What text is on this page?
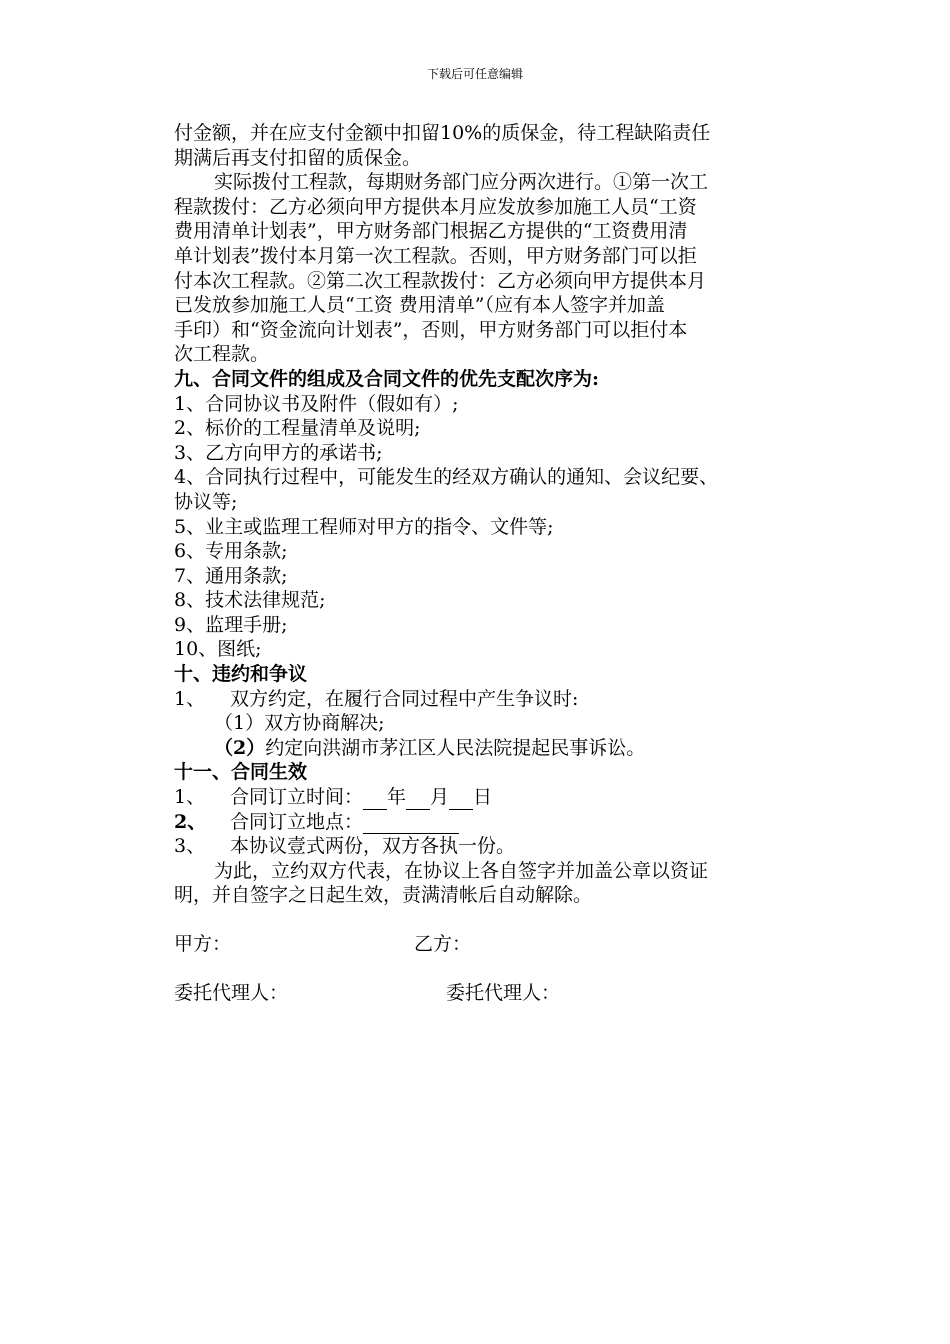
下载后可任意编辑

付金额，并在应支付金额中扣留10%的质保金，待工程缺陷责任

期满后再支付扣留的质保金。

实际拨付工程款，每期财务部门应分两次进行。①第一次工

程款拨付：乙方必须向甲方提供本月应发放参加施工人员“工资

费用清单计划表”，甲方财务部门根据乙方提供的“工资费用清

单计划表”拨付本月第一次工程款。否则，甲方财务部门可以拒

付本次工程款。②第二次工程款拨付：乙方必须向甲方提供本月

已发放参加施工人员“工资 费用清单”（应有本人签字并加盖

手印）和“资金流向计划表”，否则，甲方财务部门可以拒付本

次工程款。

九、合同文件的组成及合同文件的优先支配次序为:

1、合同协议书及附件（假如有）;

2、标价的工程量清单及说明;

3、乙方向甲方的承诺书;

4、合同执行过程中，可能发生的经双方确认的通知、会议纪要、

协议等;

5、业主或监理工程师对甲方的指令、文件等;

6、专用条款;

7、通用条款;

8、技术法律规范;

9、监理手册;

10、图纸;

十、违约和争议

1、 双方约定，在履行合同过程中产生争议时:

（1）双方协商解决;

（2）约定向洪湖市茅江区人民法院提起民事诉讼。

十一、合同生效

1、 合同订立时间： 年 月 日

2、 合同订立地点：

3、 本协议壹式两份，双方各执一份。

为此，立约双方代表，在协议上各自签字并加盖公章以资证

明，并自签字之日起生效，责满清帐后自动解除。

甲方：	乙方：
委托代理人：	委托代理人：
